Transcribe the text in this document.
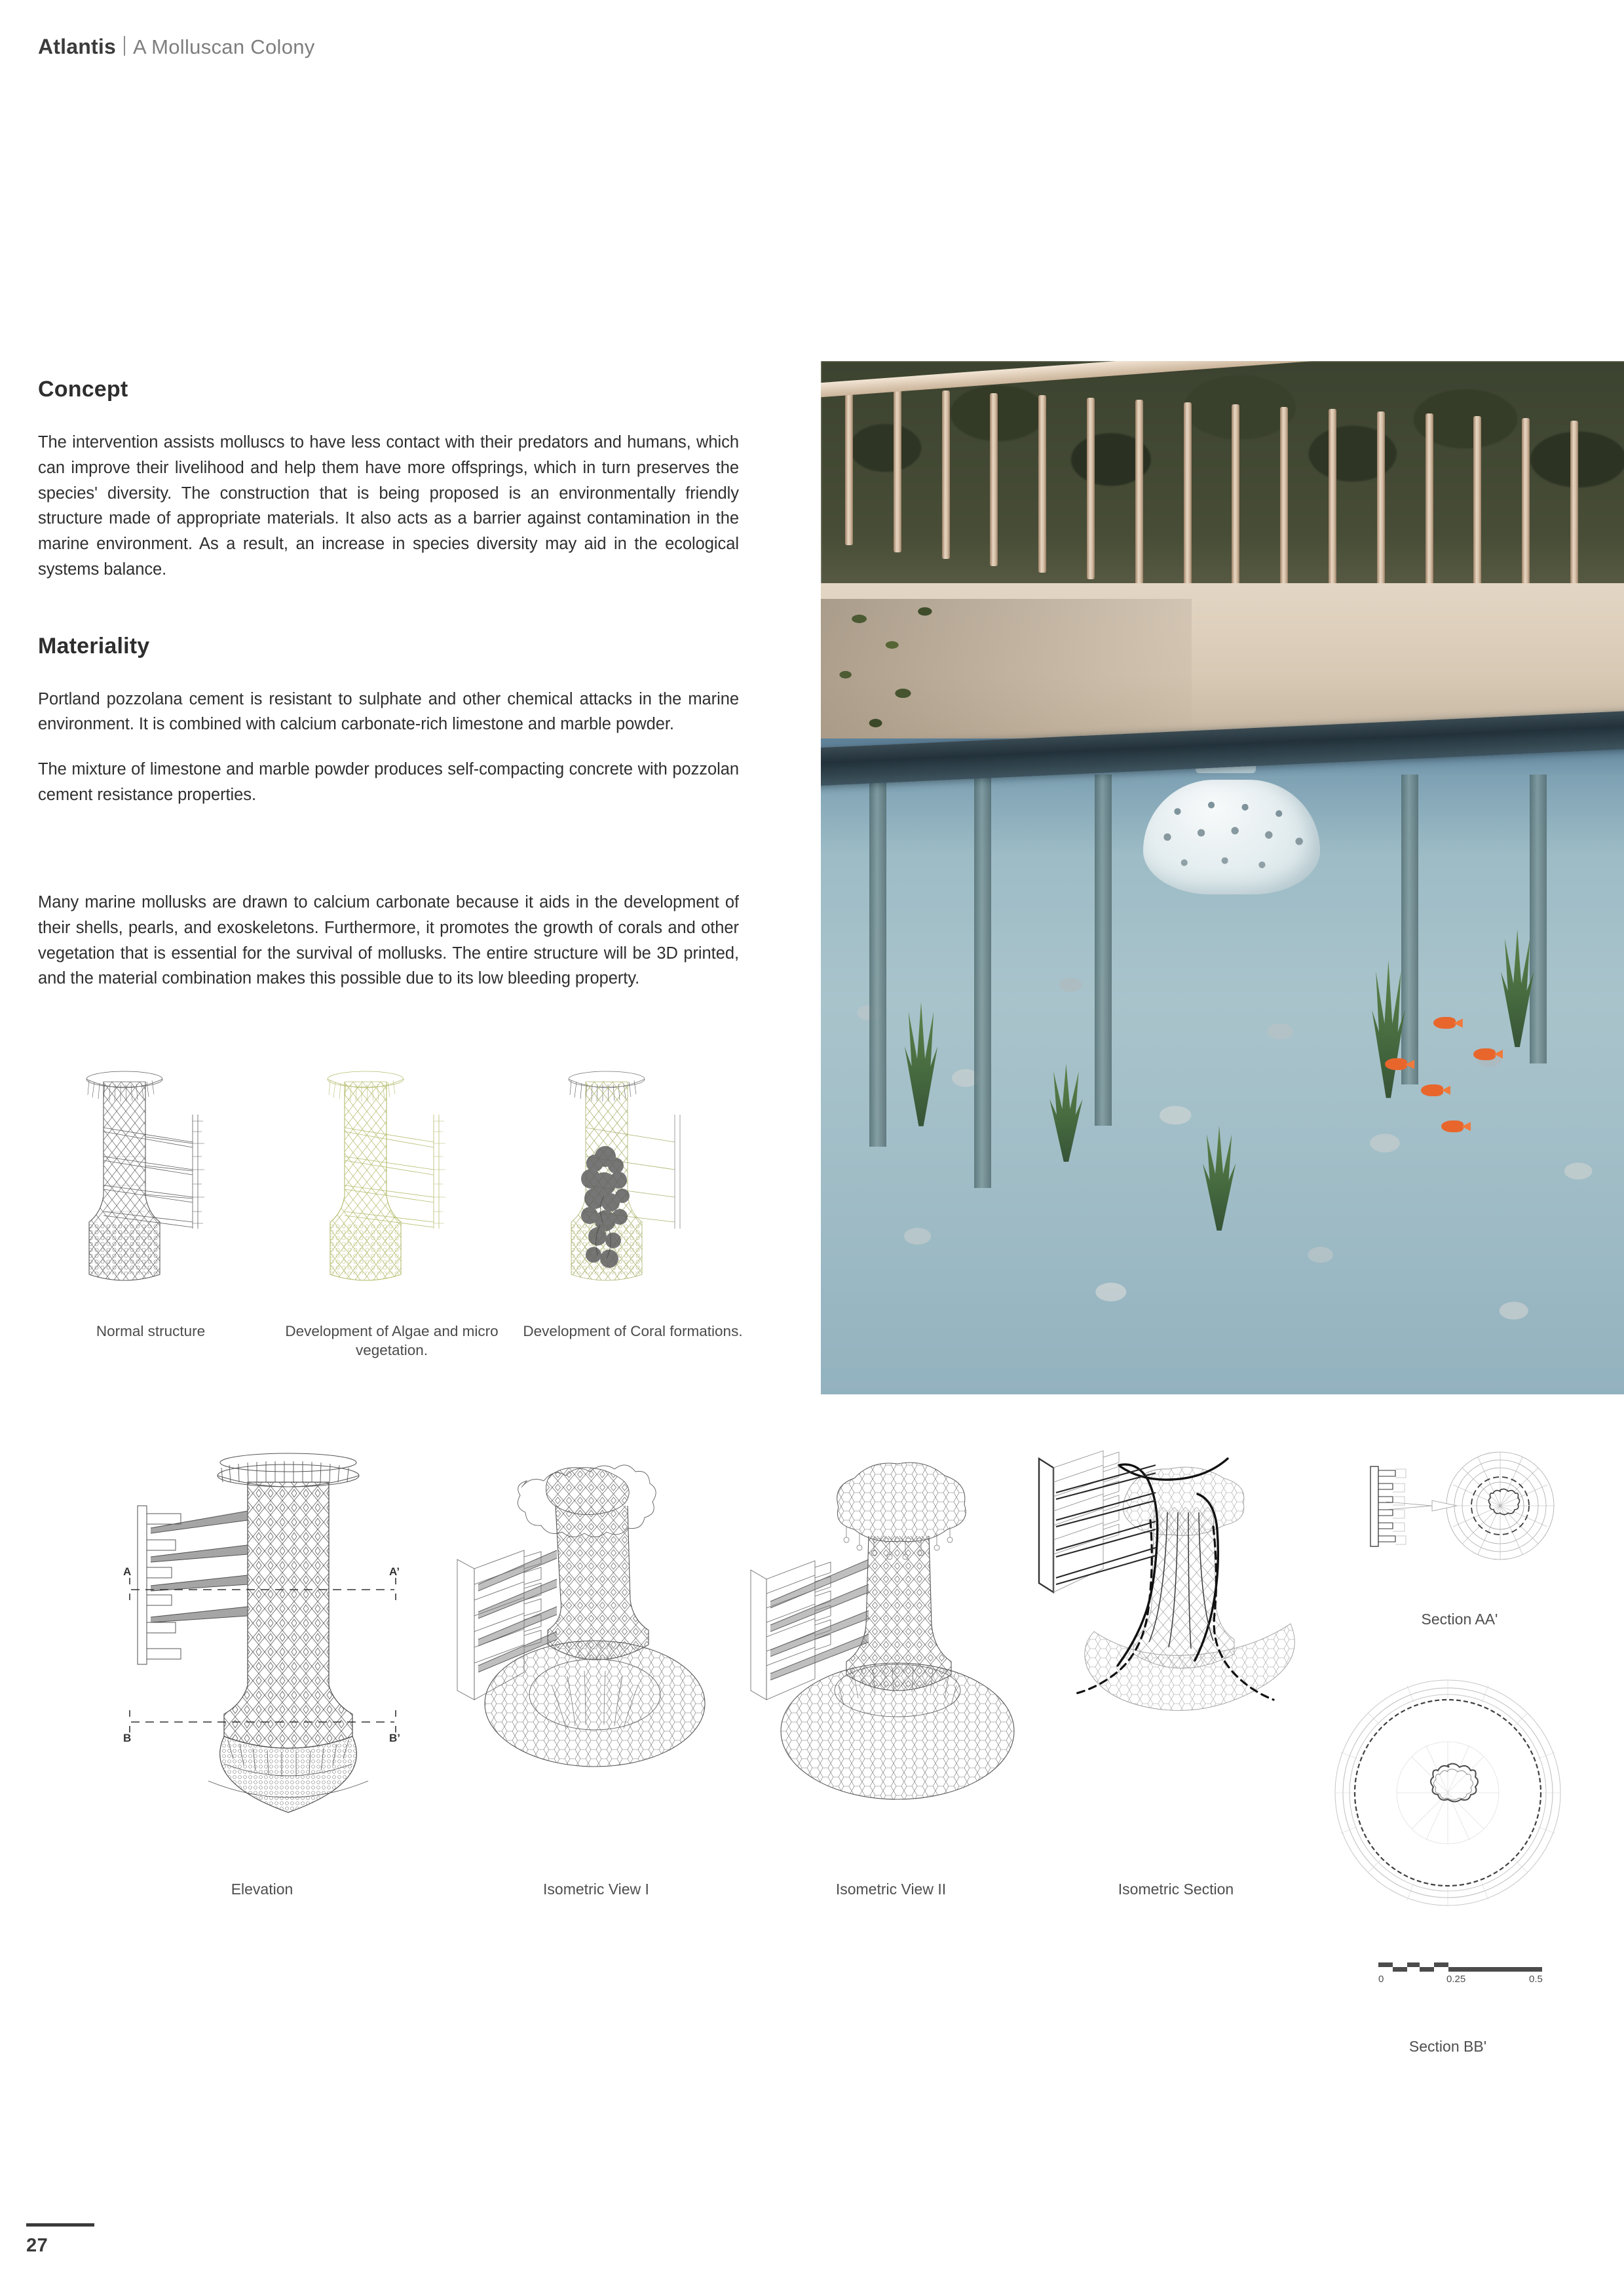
Atlantis A Molluscan Colony
Concept

The intervention assists molluscs to have less contact with their predators and humans, which can improve their livelihood and help them have more offsprings, which in turn preserves the species' diversity. The construction that is being proposed is an environmentally friendly structure made of appropriate materials. It also acts as a barrier against contamination in the marine environment. As a result, an increase in species diversity may aid in the ecological systems balance.

Materiality

Portland pozzolana cement is resistant to sulphate and other chemical attacks in the marine environment. It is combined with calcium carbonate-rich limestone and marble powder.

The mixture of limestone and marble powder produces self-compacting concrete with pozzolan cement resistance properties.

Many marine mollusks are drawn to calcium carbonate because it aids in the development of their shells, pearls, and exoskeletons. Furthermore, it promotes the growth of corals and other vegetation that is essential for the survival of mollusks. The entire structure will be 3D printed, and the material combination makes this possible due to its low bleeding property.

Normal structure	Development of Algae and micro vegetation.
Development of Coral formations.
A	A’
B	B’
Elevation	Isometric View I	Isometric View II	Isometric Section
Section AA'
Section BB'
0	0.25	0.5
27
